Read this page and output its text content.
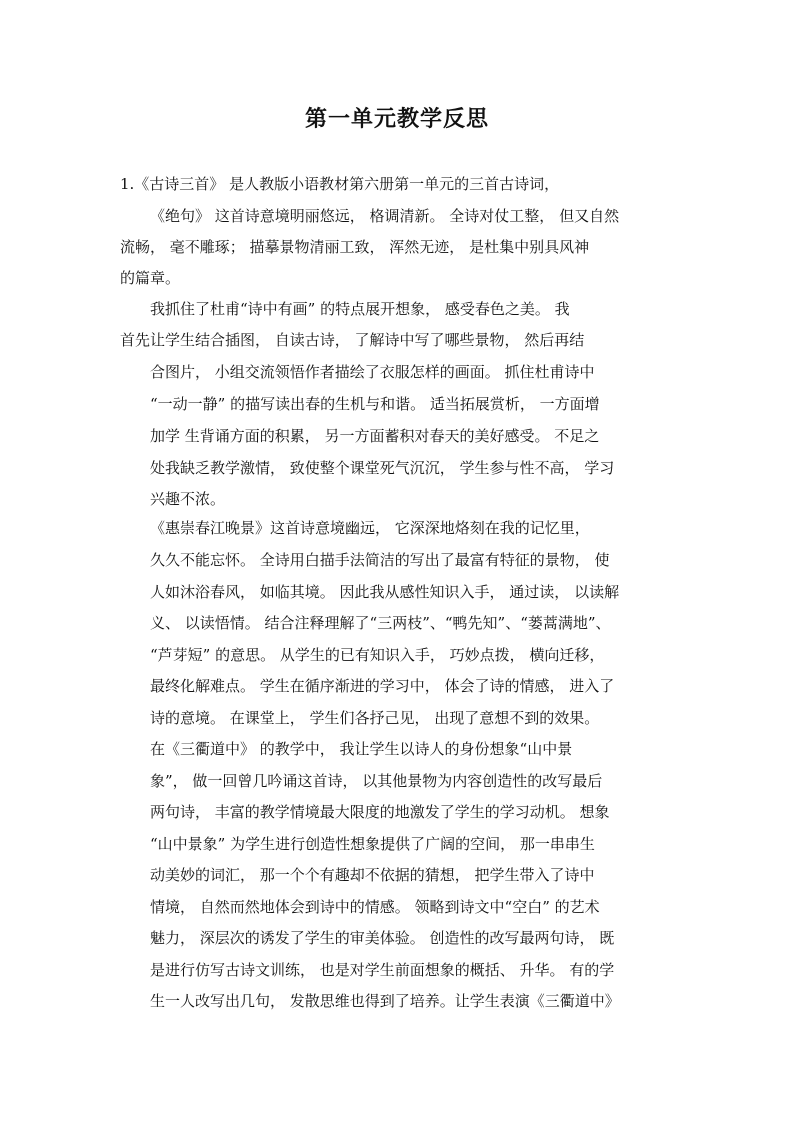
第一单元教学反思
1.《古诗三首》 是人教版小语教材第六册第一单元的三首古诗词，
《绝句》 这首诗意境明丽悠远， 格调清新。 全诗对仗工整， 但又自然
流畅， 毫不雕琢； 描摹景物清丽工致， 浑然无迹， 是杜集中别具风神
的篇章。
我抓住了杜甫“诗中有画” 的特点展开想象， 感受春色之美。 我
首先让学生结合插图， 自读古诗， 了解诗中写了哪些景物， 然后再结
合图片， 小组交流领悟作者描绘了衣服怎样的画面。 抓住杜甫诗中
“一动一静” 的描写读出春的生机与和谐。 适当拓展赏析， 一方面增
加学 生背诵方面的积累， 另一方面蓄积对春天的美好感受。 不足之
处我缺乏教学激情， 致使整个课堂死气沉沉， 学生参与性不高， 学习
兴趣不浓。
《惠崇春江晚景》这首诗意境幽远， 它深深地烙刻在我的记忆里，
久久不能忘怀。 全诗用白描手法简洁的写出了最富有特征的景物， 使
人如沐浴春风， 如临其境。 因此我从感性知识入手， 通过读， 以读解
义、 以读悟情。 结合注释理解了“三两枝”、“鸭先知”、“蒌蒿满地”、
“芦芽短” 的意思。 从学生的已有知识入手， 巧妙点拨， 横向迁移，
最终化解难点。 学生在循序渐进的学习中， 体会了诗的情感， 进入了
诗的意境。 在课堂上， 学生们各抒己见， 出现了意想不到的效果。
在《三衢道中》 的教学中， 我让学生以诗人的身份想象“山中景
象”， 做一回曾几吟诵这首诗， 以其他景物为内容创造性的改写最后
两句诗， 丰富的教学情境最大限度的地激发了学生的学习动机。 想象
“山中景象” 为学生进行创造性想象提供了广阔的空间， 那一串串生
动美妙的词汇， 那一个个有趣却不依据的猜想， 把学生带入了诗中
情境， 自然而然地体会到诗中的情感。 领略到诗文中“空白” 的艺术
魅力， 深层次的诱发了学生的审美体验。 创造性的改写最两句诗， 既
是进行仿写古诗文训练， 也是对学生前面想象的概括、 升华。 有的学
生一人改写出几句， 发散思维也得到了培养。让学生表演《三衢道中》
